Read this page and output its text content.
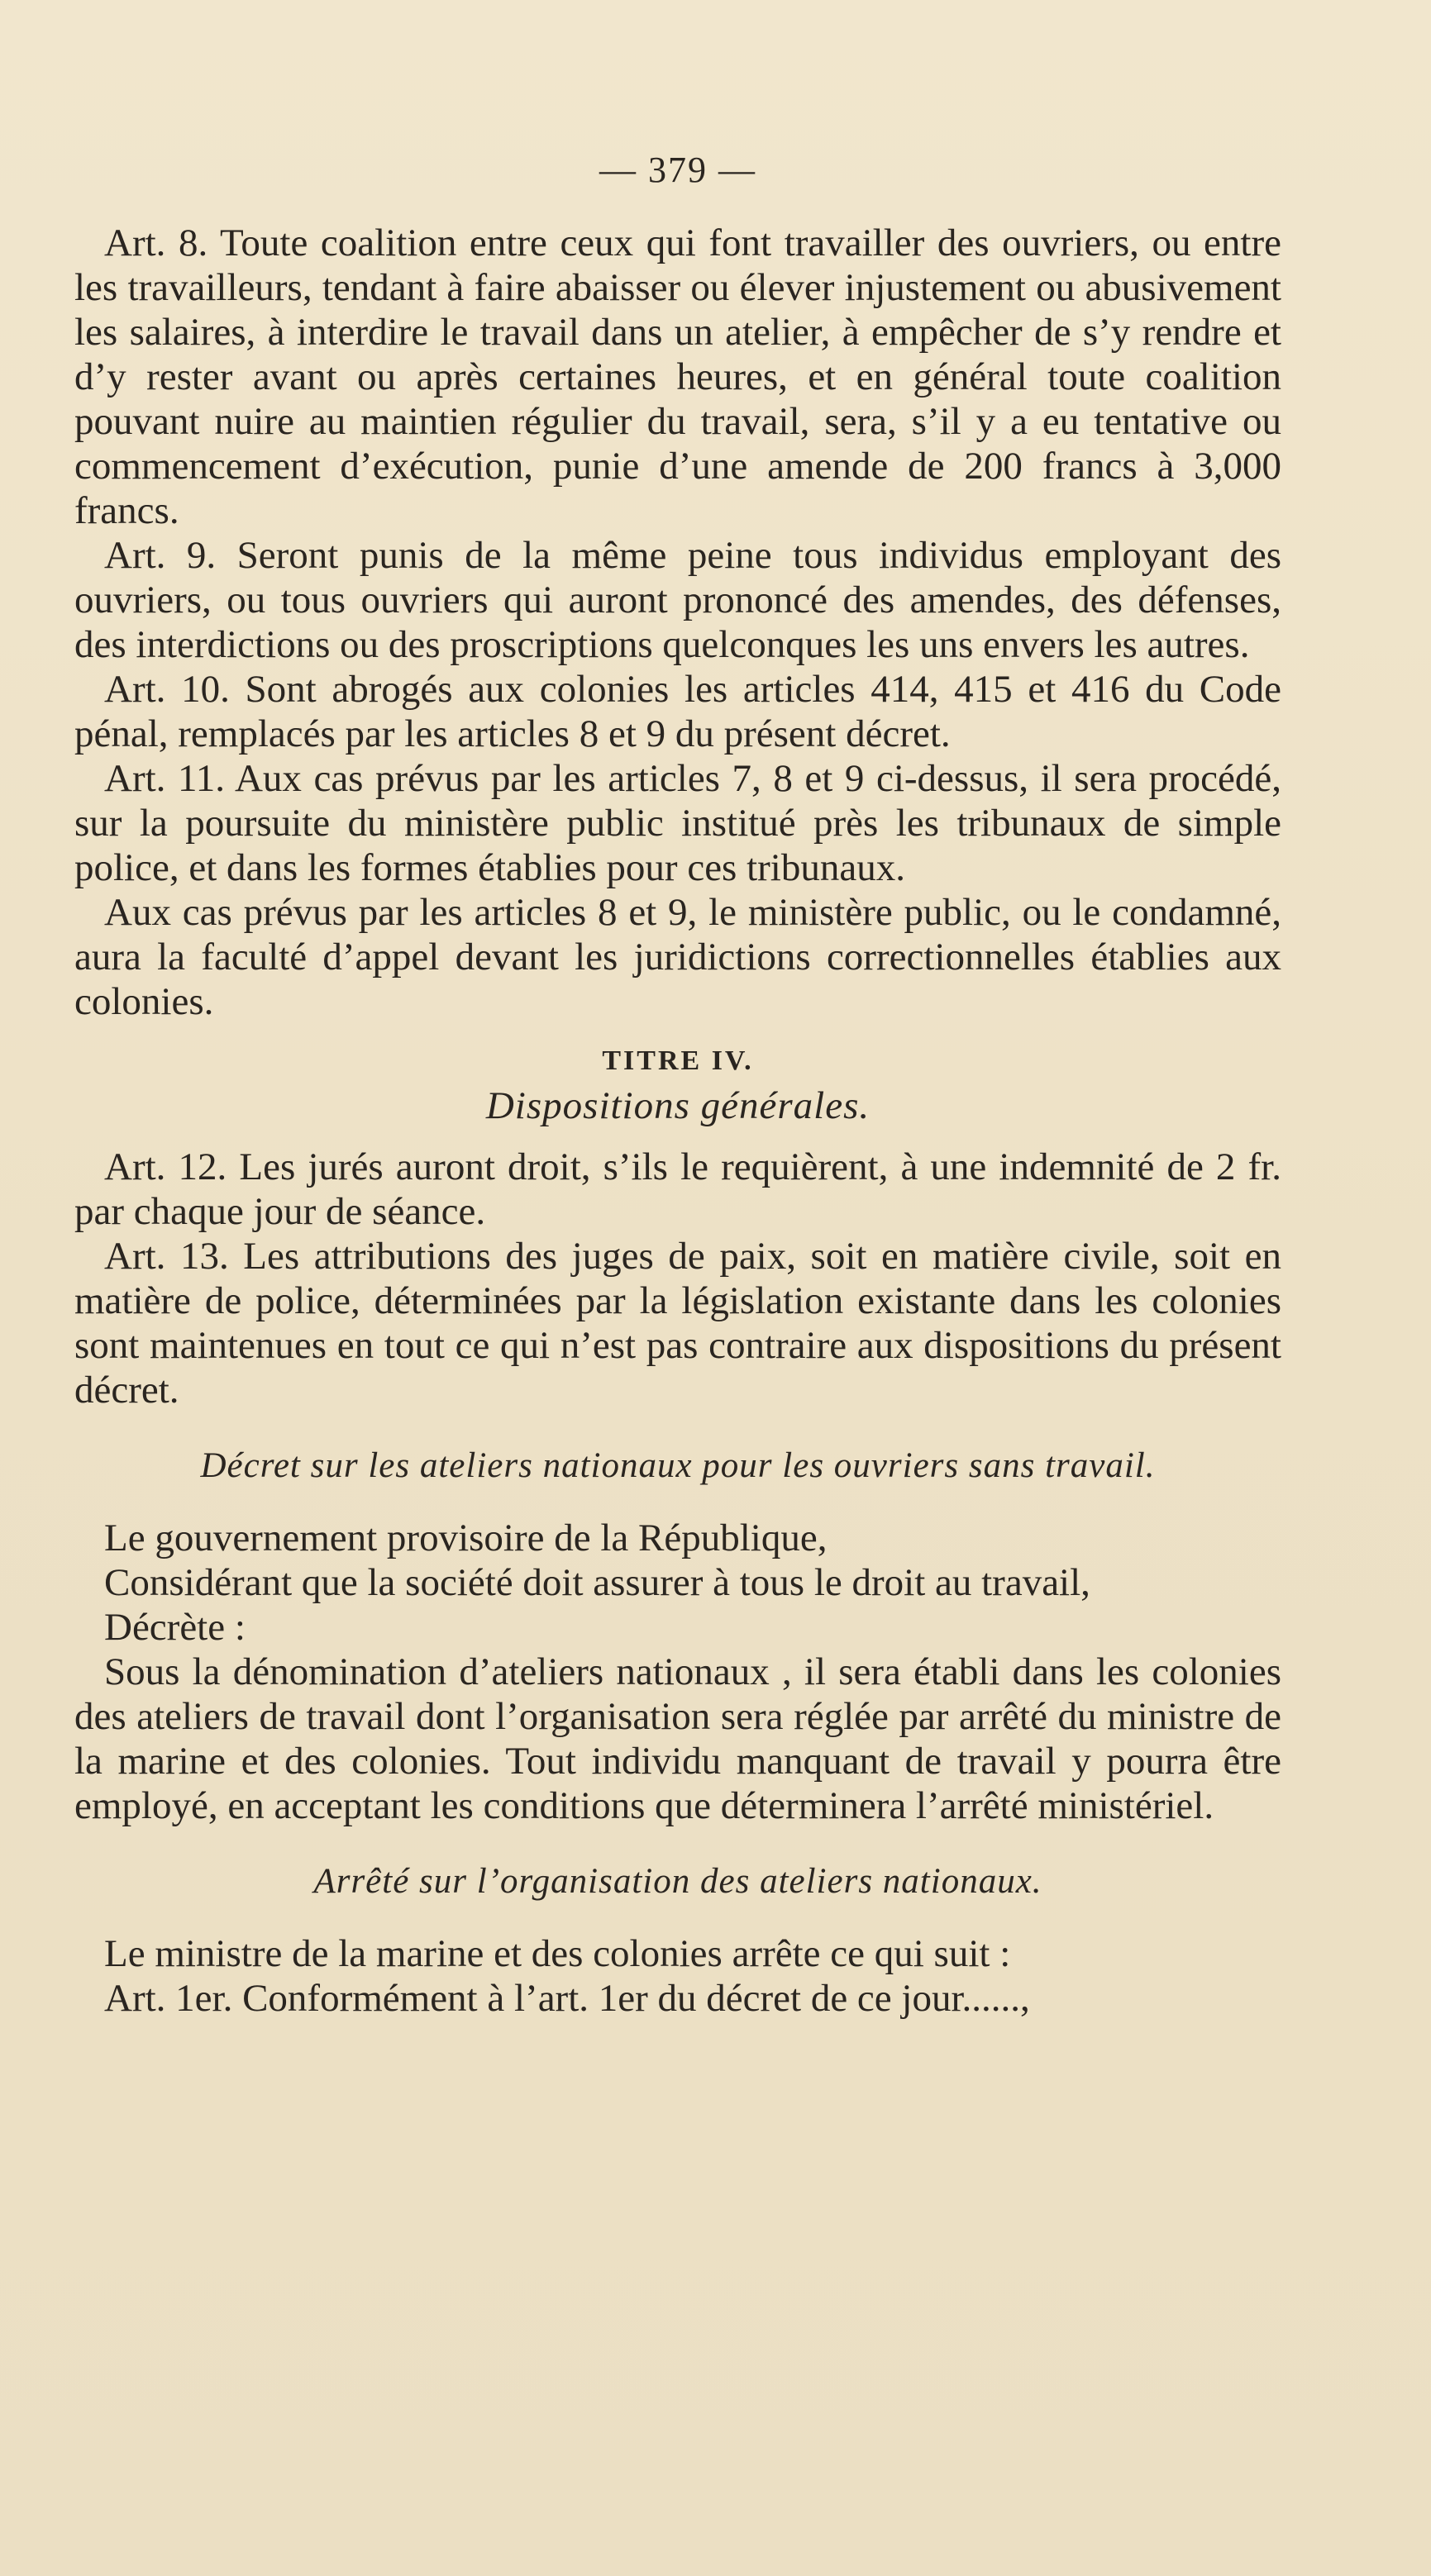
— 379 —

Art. 8. Toute coalition entre ceux qui font travailler des ouvriers, ou entre les travailleurs, tendant à faire abaisser ou élever injustement ou abusivement les salaires, à interdire le travail dans un atelier, à empêcher de s’y rendre et d’y rester avant ou après certaines heures, et en général toute coalition pouvant nuire au maintien régulier du travail, sera, s’il y a eu tentative ou commencement d’exécution, punie d’une amende de 200 francs à 3,000 francs.

Art. 9. Seront punis de la même peine tous individus employant des ouvriers, ou tous ouvriers qui auront prononcé des amendes, des défenses, des interdictions ou des proscriptions quelconques les uns envers les autres.

Art. 10. Sont abrogés aux colonies les articles 414, 415 et 416 du Code pénal, remplacés par les articles 8 et 9 du présent décret.

Art. 11. Aux cas prévus par les articles 7, 8 et 9 ci-dessus, il sera procédé, sur la poursuite du ministère public institué près les tribunaux de simple police, et dans les formes établies pour ces tribunaux.

Aux cas prévus par les articles 8 et 9, le ministère public, ou le condamné, aura la faculté d’appel devant les juridictions correctionnelles établies aux colonies.

TITRE IV.
Dispositions générales.

Art. 12. Les jurés auront droit, s’ils le requièrent, à une indemnité de 2 fr. par chaque jour de séance.

Art. 13. Les attributions des juges de paix, soit en matière civile, soit en matière de police, déterminées par la législation existante dans les colonies sont maintenues en tout ce qui n’est pas contraire aux dispositions du présent décret.

Décret sur les ateliers nationaux pour les ouvriers sans travail.

Le gouvernement provisoire de la République,

Considérant que la société doit assurer à tous le droit au travail,

Décrète :

Sous la dénomination d’ateliers nationaux , il sera établi dans les colonies des ateliers de travail dont l’organisation sera réglée par arrêté du ministre de la marine et des colonies. Tout individu manquant de travail y pourra être employé, en acceptant les conditions que déterminera l’arrêté ministériel.

Arrêté sur l’organisation des ateliers nationaux.

Le ministre de la marine et des colonies arrête ce qui suit :

Art. 1er. Conformément à l’art. 1er du décret de ce jour......,
